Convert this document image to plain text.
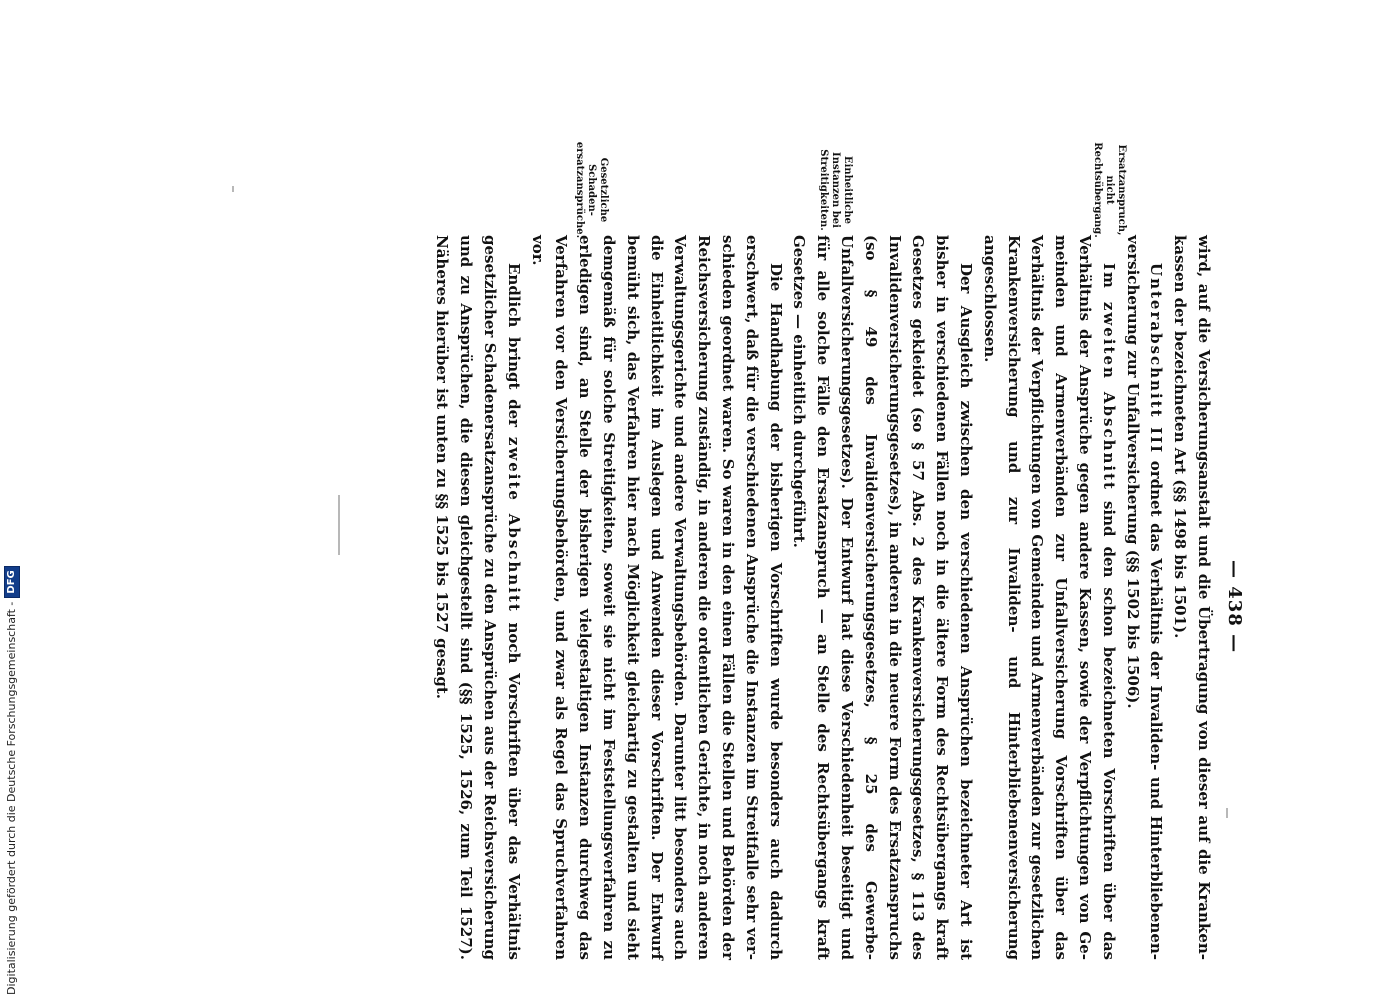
— 438 —
Ersatzanspruch, nicht Rechtsübergang.
Einheitliche Instanzen bei Streitigkeiten.
Gesetzliche Schadenersatzansprüche.

wird, auf die Versicherungsanstalt und die Übertragung von dieser auf die Krankenkassen der bezeichneten Art (§§ 1498 bis 1501).

Unterabschnitt III ordnet das Verhältnis der Invaliden- und Hinterbliebenenversicherung zur Unfallversicherung (§§ 1502 bis 1506).

Im zweiten Abschnitt sind den schon bezeichneten Vorschriften über das Verhältnis der Ansprüche gegen andere Kassen, sowie der Verpflichtungen von Gemeinden und Armenverbänden zur Unfallversicherung Vorschriften über das Verhältnis der Verpflichtungen von Gemeinden und Armenverbänden zur gesetzlichen Krankenversicherung und zur Invaliden- und Hinterbliebenenversicherung angeschlossen.

Der Ausgleich zwischen den verschiedenen Ansprüchen bezeichneter Art ist bisher in verschiedenen Fällen noch in die ältere Form des Rechtsübergangs kraft Gesetzes gekleidet (so § 57 Abs. 2 des Krankenversicherungsgesetzes, § 113 des Invalidenversicherungsgesetzes), in anderen in die neuere Form des Ersatzanspruchs (so § 49 des Invalidenversicherungsgesetzes, § 25 des Gewerbe-Unfallversicherungsgesetzes). Der Entwurf hat diese Verschiedenheit beseitigt und für alle solche Fälle den Ersatzanspruch — an Stelle des Rechtsübergangs kraft Gesetzes — einheitlich durchgeführt.

Die Handhabung der bisherigen Vorschriften wurde besonders auch dadurch erschwert, daß für die verschiedenen Ansprüche die Instanzen im Streitfalle sehr verschieden geordnet waren. So waren in den einen Fällen die Stellen und Behörden der Reichsversicherung zuständig, in anderen die ordentlichen Gerichte, in noch anderen Verwaltungsgerichte und andere Verwaltungsbehörden. Darunter litt besonders auch die Einheitlichkeit im Auslegen und Anwenden dieser Vorschriften. Der Entwurf bemüht sich, das Verfahren hier nach Möglichkeit gleichartig zu gestalten und sieht demgemäß für solche Streitigkeiten, soweit sie nicht im Feststellungsverfahren zu erledigen sind, an Stelle der bisherigen vielgestaltigen Instanzen durchweg das Verfahren vor den Versicherungsbehörden, und zwar als Regel das Spruchverfahren vor.

Endlich bringt der zweite Abschnitt noch Vorschriften über das Verhältnis gesetzlicher Schadenersatzansprüche zu den Ansprüchen aus der Reichsversicherung und zu Ansprüchen, die diesen gleichgestellt sind (§§ 1525, 1526, zum Teil 1527). Näheres hierüber ist unten zu §§ 1525 bis 1527 gesagt.

Digitalisierung gefördert durch die Deutsche Forschungsgemeinschaft -
DFG
